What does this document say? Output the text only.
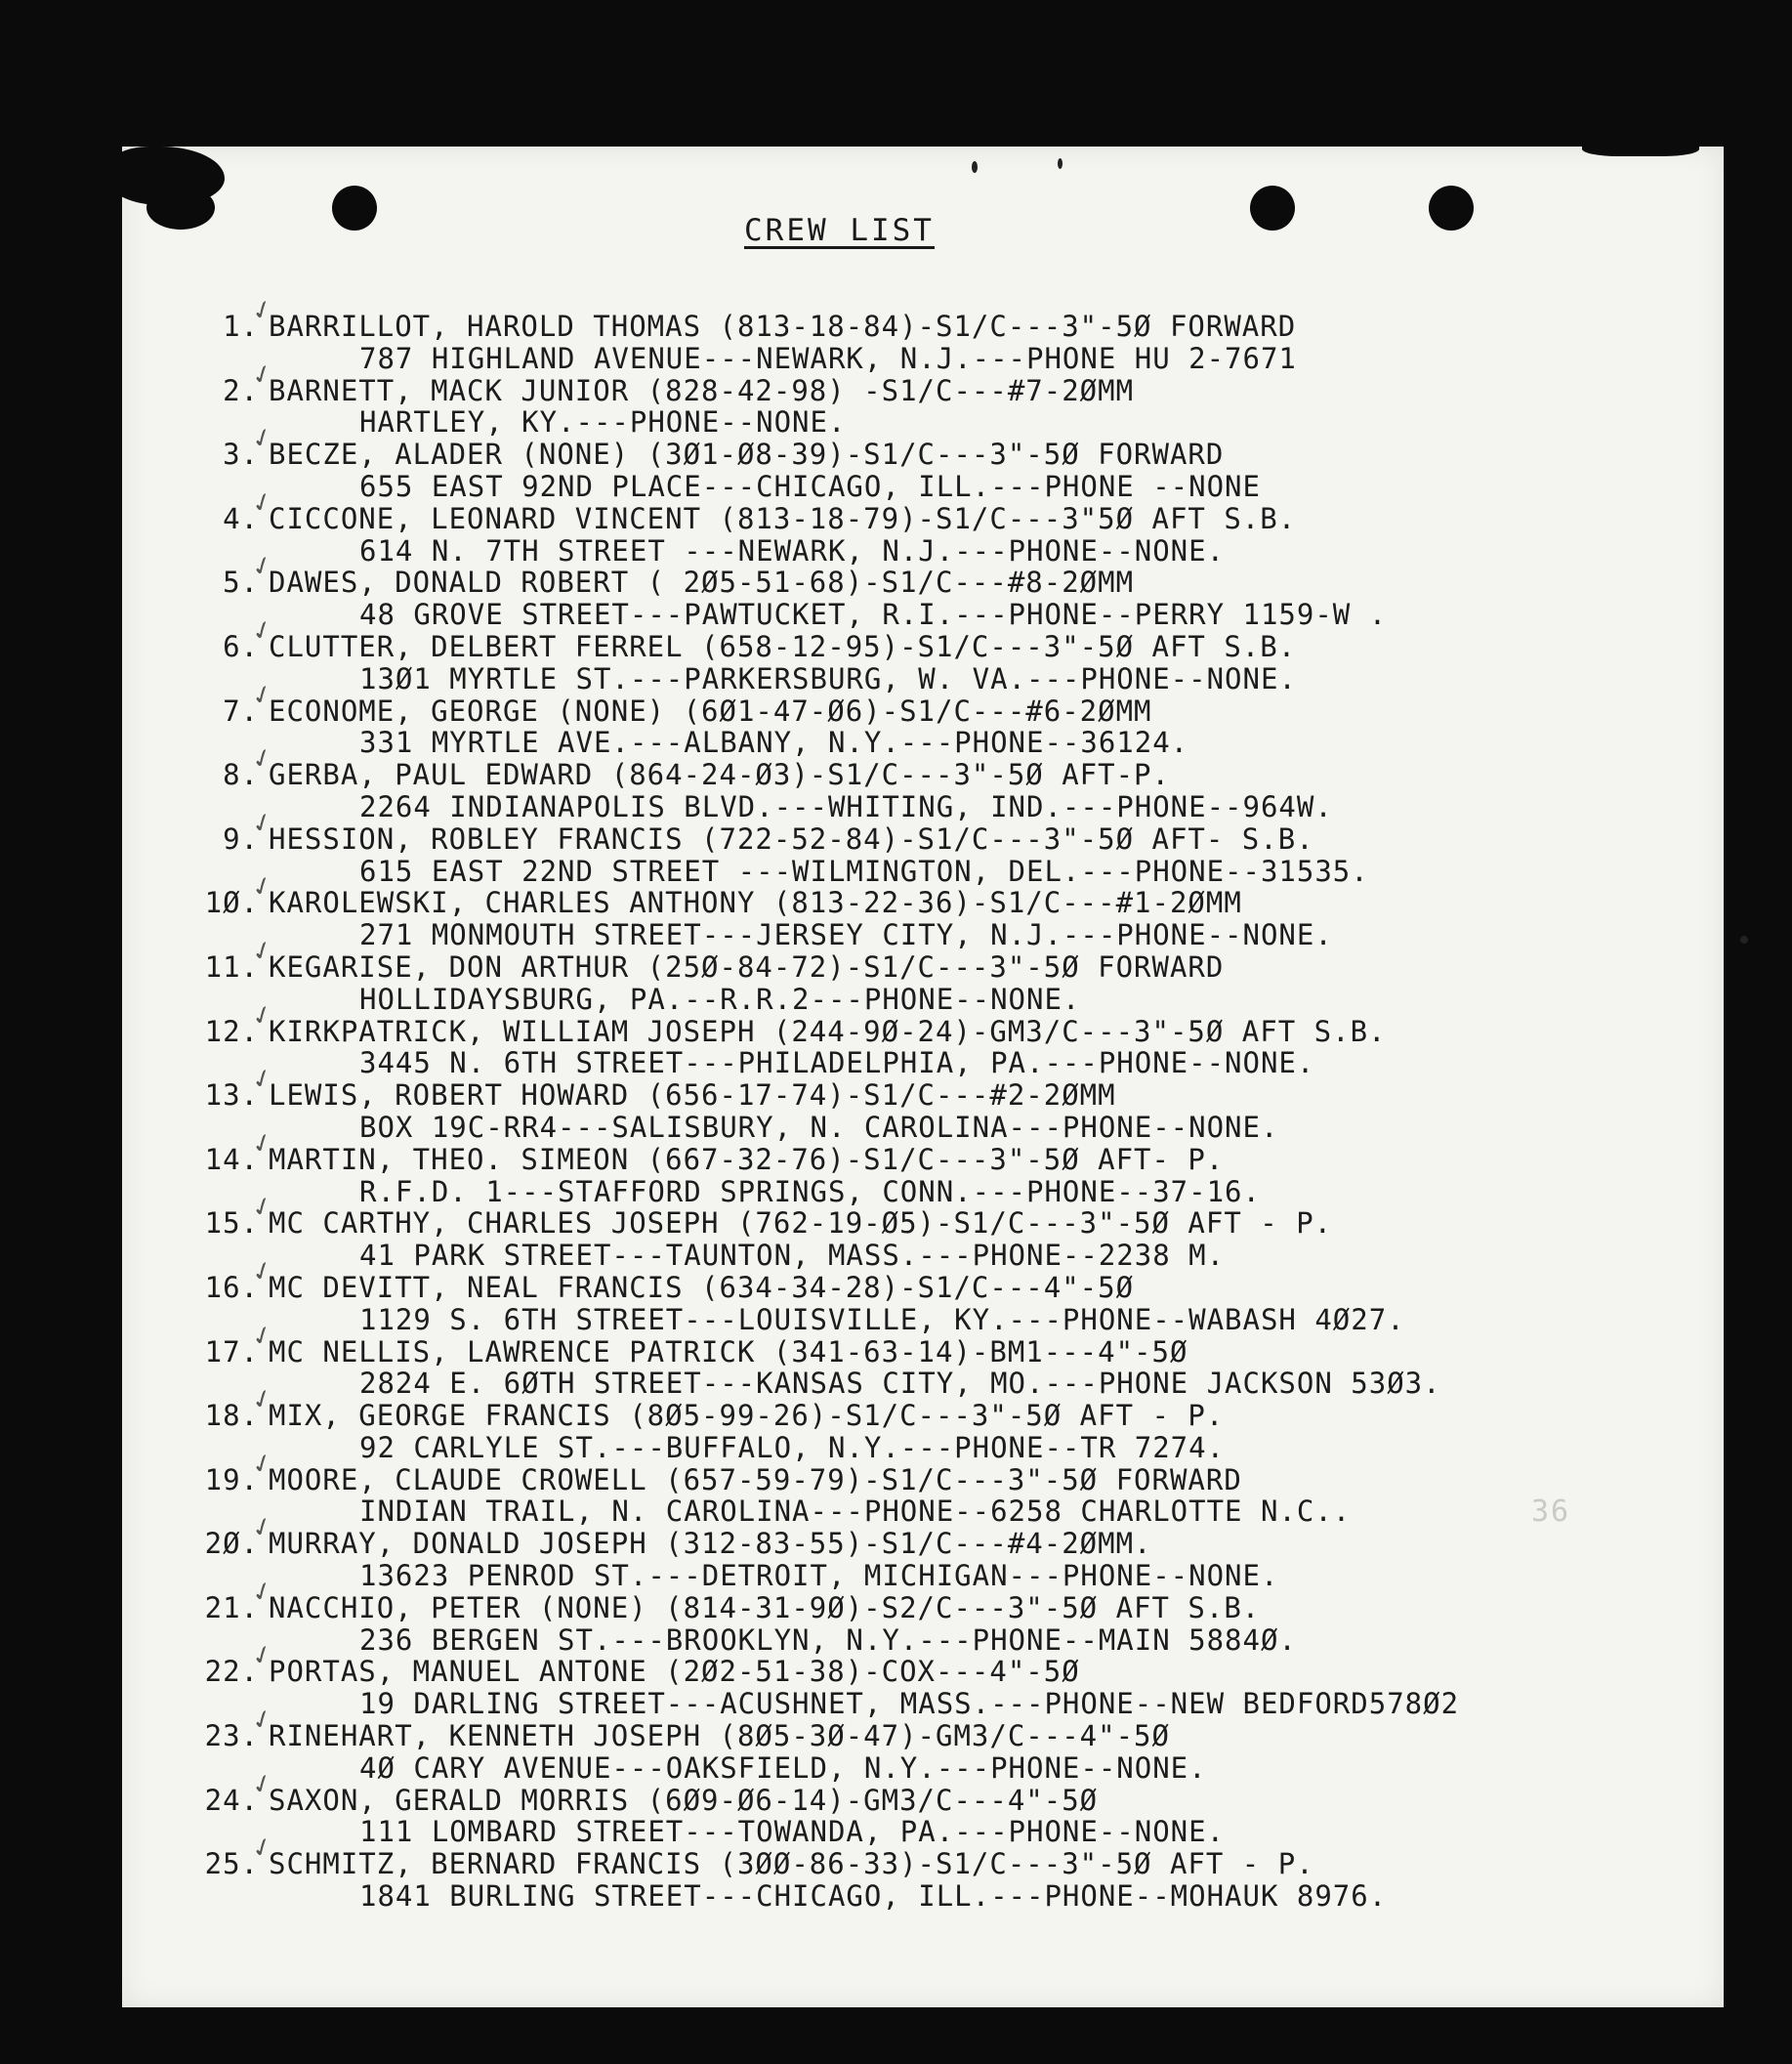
CREW LIST
1.
✓
BARRILLOT, HAROLD THOMAS (813-18-84)-S1/C---3"-5Ø FORWARD
787 HIGHLAND AVENUE---NEWARK, N.J.---PHONE HU 2-7671
2.
✓
BARNETT, MACK JUNIOR (828-42-98) -S1/C---#7-2ØMM
HARTLEY, KY.---PHONE--NONE.
3.
✓
BECZE, ALADER (NONE) (3Ø1-Ø8-39)-S1/C---3"-5Ø FORWARD
655 EAST 92ND PLACE---CHICAGO, ILL.---PHONE --NONE
4.
✓
CICCONE, LEONARD VINCENT (813-18-79)-S1/C---3"5Ø AFT S.B.
614 N. 7TH STREET ---NEWARK, N.J.---PHONE--NONE.
5.
✓
DAWES, DONALD ROBERT ( 2Ø5-51-68)-S1/C---#8-2ØMM
48 GROVE STREET---PAWTUCKET, R.I.---PHONE--PERRY 1159-W .
6.
✓
CLUTTER, DELBERT FERREL (658-12-95)-S1/C---3"-5Ø AFT S.B.
13Ø1 MYRTLE ST.---PARKERSBURG, W. VA.---PHONE--NONE.
7.
✓
ECONOME, GEORGE (NONE) (6Ø1-47-Ø6)-S1/C---#6-2ØMM
331 MYRTLE AVE.---ALBANY, N.Y.---PHONE--36124.
8.
✓
GERBA, PAUL EDWARD (864-24-Ø3)-S1/C---3"-5Ø AFT-P.
2264 INDIANAPOLIS BLVD.---WHITING, IND.---PHONE--964W.
9.
✓
HESSION, ROBLEY FRANCIS (722-52-84)-S1/C---3"-5Ø AFT- S.B.
615 EAST 22ND STREET ---WILMINGTON, DEL.---PHONE--31535.
1Ø.
✓
KAROLEWSKI, CHARLES ANTHONY (813-22-36)-S1/C---#1-2ØMM
271 MONMOUTH STREET---JERSEY CITY, N.J.---PHONE--NONE.
11.
✓
KEGARISE, DON ARTHUR (25Ø-84-72)-S1/C---3"-5Ø FORWARD
HOLLIDAYSBURG, PA.--R.R.2---PHONE--NONE.
12.
✓
KIRKPATRICK, WILLIAM JOSEPH (244-9Ø-24)-GM3/C---3"-5Ø AFT S.B.
3445 N. 6TH STREET---PHILADELPHIA, PA.---PHONE--NONE.
13.
✓
LEWIS, ROBERT HOWARD (656-17-74)-S1/C---#2-2ØMM
BOX 19C-RR4---SALISBURY, N. CAROLINA---PHONE--NONE.
14.
✓
MARTIN, THEO. SIMEON (667-32-76)-S1/C---3"-5Ø AFT- P.
R.F.D. 1---STAFFORD SPRINGS, CONN.---PHONE--37-16.
15.
✓
MC CARTHY, CHARLES JOSEPH (762-19-Ø5)-S1/C---3"-5Ø AFT - P.
41 PARK STREET---TAUNTON, MASS.---PHONE--2238 M.
16.
✓
MC DEVITT, NEAL FRANCIS (634-34-28)-S1/C---4"-5Ø
1129 S. 6TH STREET---LOUISVILLE, KY.---PHONE--WABASH 4Ø27.
17.
✓
MC NELLIS, LAWRENCE PATRICK (341-63-14)-BM1---4"-5Ø
2824 E. 6ØTH STREET---KANSAS CITY, MO.---PHONE JACKSON 53Ø3.
18.
✓
MIX, GEORGE FRANCIS (8Ø5-99-26)-S1/C---3"-5Ø AFT - P.
92 CARLYLE ST.---BUFFALO, N.Y.---PHONE--TR 7274.
19.
✓
MOORE, CLAUDE CROWELL (657-59-79)-S1/C---3"-5Ø FORWARD
INDIAN TRAIL, N. CAROLINA---PHONE--6258 CHARLOTTE N.C..
2Ø.
✓
MURRAY, DONALD JOSEPH (312-83-55)-S1/C---#4-2ØMM.
13623 PENROD ST.---DETROIT, MICHIGAN---PHONE--NONE.
21.
✓
NACCHIO, PETER (NONE) (814-31-9Ø)-S2/C---3"-5Ø AFT S.B.
236 BERGEN ST.---BROOKLYN, N.Y.---PHONE--MAIN 5884Ø.
22.
✓
PORTAS, MANUEL ANTONE (2Ø2-51-38)-COX---4"-5Ø
19 DARLING STREET---ACUSHNET, MASS.---PHONE--NEW BEDFORD578Ø2
23.
✓
RINEHART, KENNETH JOSEPH (8Ø5-3Ø-47)-GM3/C---4"-5Ø
4Ø CARY AVENUE---OAKSFIELD, N.Y.---PHONE--NONE.
24.
✓
SAXON, GERALD MORRIS (6Ø9-Ø6-14)-GM3/C---4"-5Ø
111 LOMBARD STREET---TOWANDA, PA.---PHONE--NONE.
25.
✓
SCHMITZ, BERNARD FRANCIS (3ØØ-86-33)-S1/C---3"-5Ø AFT - P.
1841 BURLING STREET---CHICAGO, ILL.---PHONE--MOHAUK 8976.
36
